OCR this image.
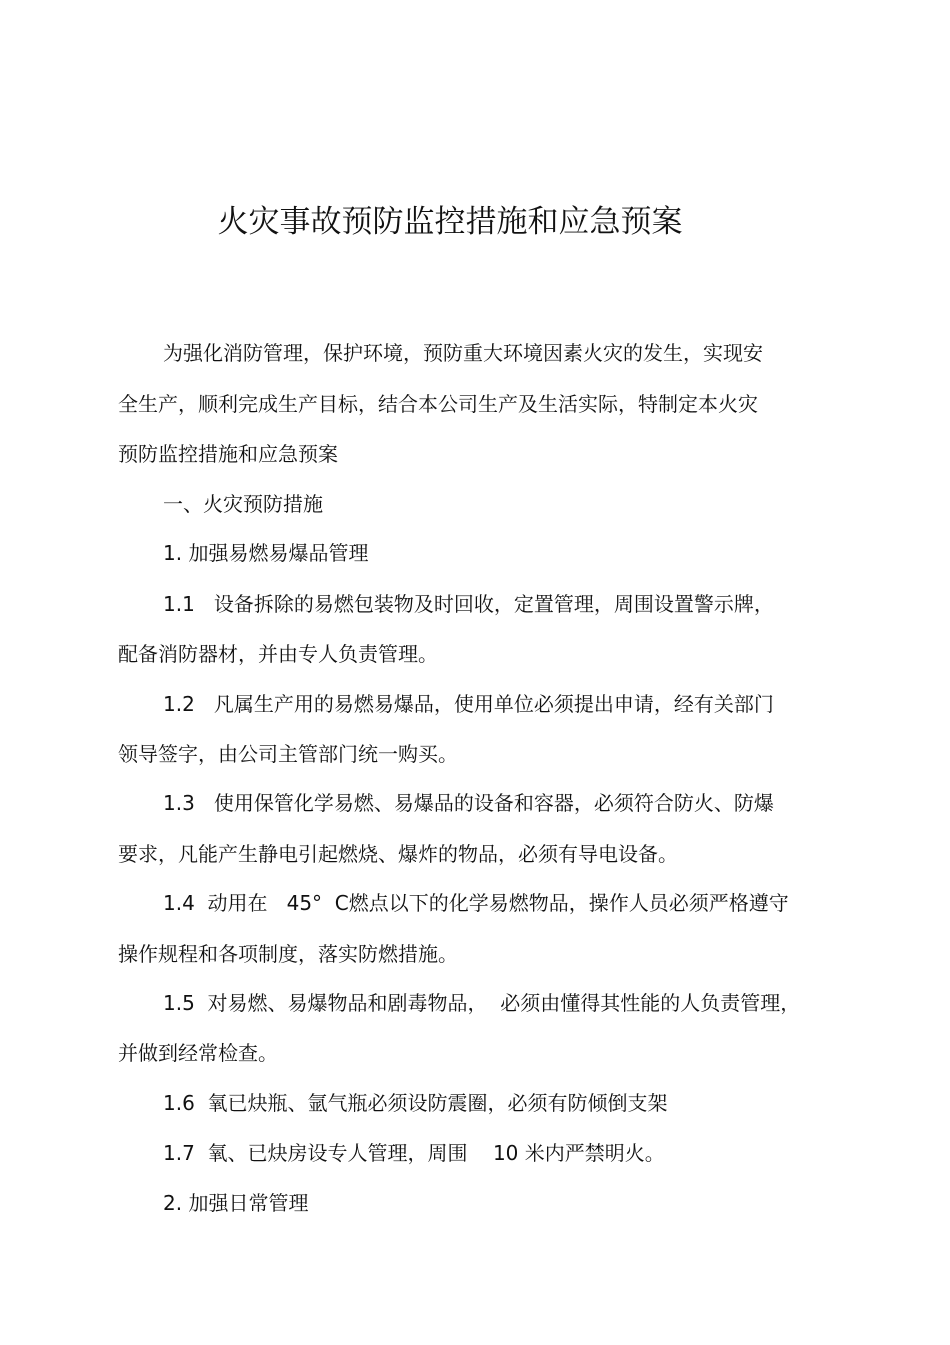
火灾事故预防监控措施和应急预案

为强化消防管理，保护环境，预防重大环境因素火灾的发生，实现安

全生产，顺利完成生产目标，结合本公司生产及生活实际，特制定本火灾

预防监控措施和应急预案

一、火灾预防措施

1. 加强易燃易爆品管理

1.1   设备拆除的易燃包装物及时回收，定置管理，周围设置警示牌，

配备消防器材，并由专人负责管理。

1.2   凡属生产用的易燃易爆品，使用单位必须提出申请，经有关部门

领导签字，由公司主管部门统一购买。

1.3   使用保管化学易燃、易爆品的设备和容器，必须符合防火、防爆

要求，凡能产生静电引起燃烧、爆炸的物品，必须有导电设备。

1.4  动用在   45°  C燃点以下的化学易燃物品，操作人员必须严格遵守

操作规程和各项制度，落实防燃措施。

1.5  对易燃、易爆物品和剧毒物品，  必须由懂得其性能的人负责管理，

并做到经常检查。

1.6  氧已炔瓶、氩气瓶必须设防震圈，必须有防倾倒支架

1.7  氧、已炔房设专人管理，周围    10 米内严禁明火。

2. 加强日常管理
